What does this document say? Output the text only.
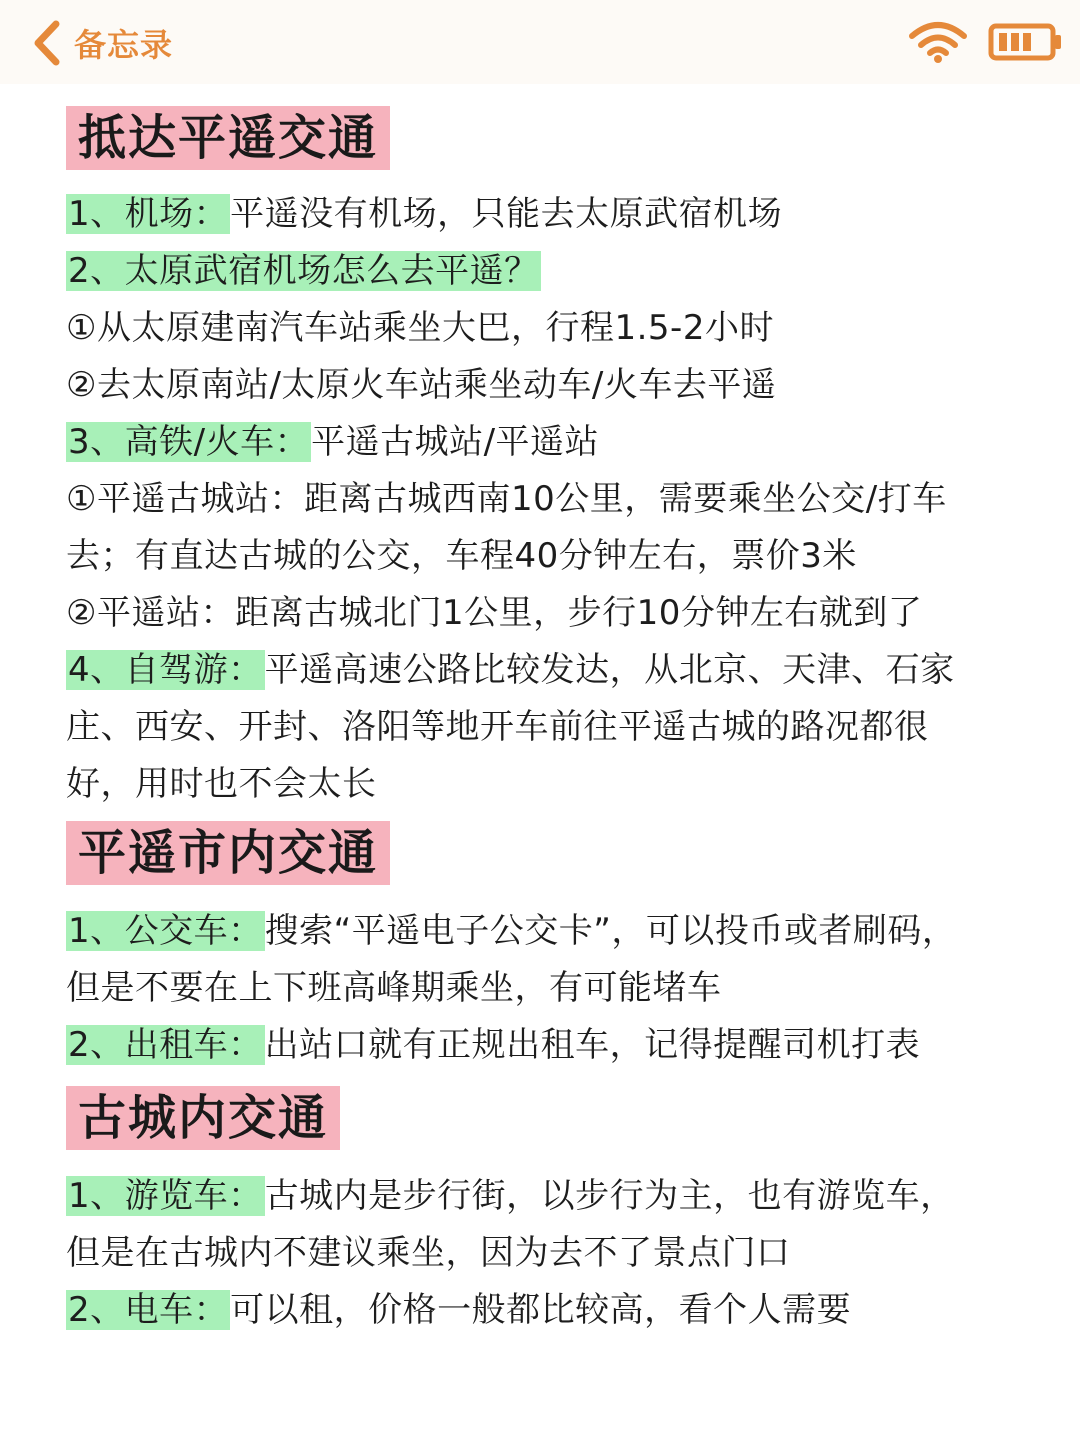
备忘录
抵达平遥交通
1、机场：平遥没有机场，只能去太原武宿机场
2、太原武宿机场怎么去平遥？
①从太原建南汽车站乘坐大巴，行程1.5-2小时
②去太原南站/太原火车站乘坐动车/火车去平遥
3、高铁/火车：平遥古城站/平遥站
①平遥古城站：距离古城西南10公里，需要乘坐公交/打车
去；有直达古城的公交，车程40分钟左右，票价3米
②平遥站：距离古城北门1公里，步行10分钟左右就到了
4、自驾游：平遥高速公路比较发达，从北京、天津、石家
庄、西安、开封、洛阳等地开车前往平遥古城的路况都很
好，用时也不会太长
平遥市内交通
1、公交车：搜索“平遥电子公交卡”，可以投币或者刷码，
但是不要在上下班高峰期乘坐，有可能堵车
2、出租车：出站口就有正规出租车，记得提醒司机打表
古城内交通
1、游览车：古城内是步行街，以步行为主，也有游览车，
但是在古城内不建议乘坐，因为去不了景点门口
2、电车：可以租，价格一般都比较高，看个人需要
